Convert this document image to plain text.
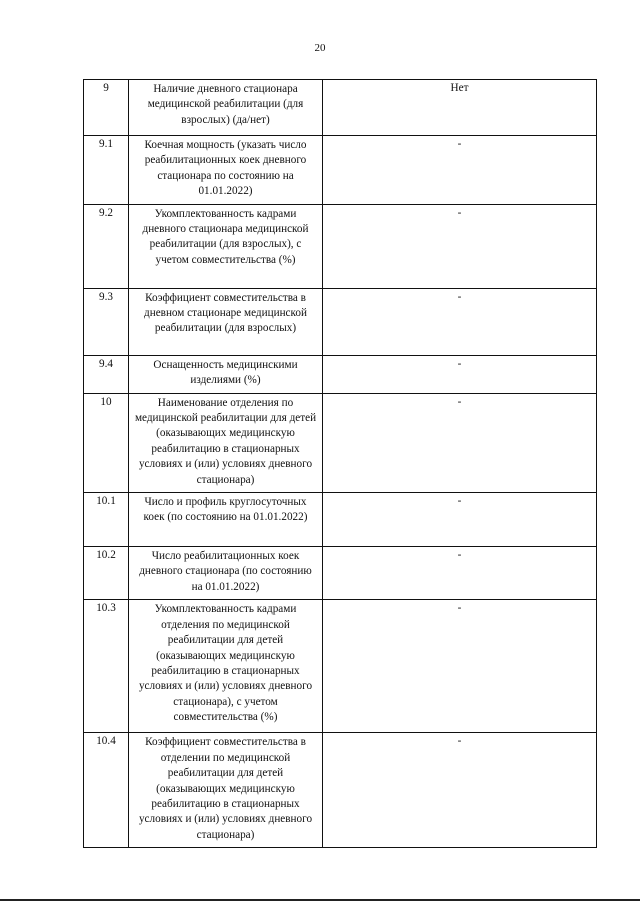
20
9	Наличие дневного стационара медицинской реабилитации (для взрослых) (да/нет)	Нет
9.1	Коечная мощность (указать число реабилитационных коек дневного стационара по состоянию на 01.01.2022)	-
9.2	Укомплектованность кадрами дневного стационара медицинской реабилитации (для взрослых), с учетом совместительства (%)	-
9.3	Коэффициент совместительства в дневном стационаре медицинской реабилитации (для взрослых)	-
9.4	Оснащенность медицинскими изделиями (%)	-
10	Наименование отделения по медицинской реабилитации для детей (оказывающих медицинскую реабилитацию в стационарных условиях и (или) условиях дневного стационара)	-
10.1	Число и профиль круглосуточных коек (по состоянию на 01.01.2022)	-
10.2	Число реабилитационных коек дневного стационара (по состоянию на 01.01.2022)	-
10.3	Укомплектованность кадрами отделения по медицинской реабилитации для детей (оказывающих медицинскую реабилитацию в стационарных условиях и (или) условиях дневного стационара), с учетом совместительства (%)	-
10.4	Коэффициент совместительства в отделении по медицинской реабилитации для детей (оказывающих медицинскую реабилитацию в стационарных условиях и (или) условиях дневного стационара)	-
